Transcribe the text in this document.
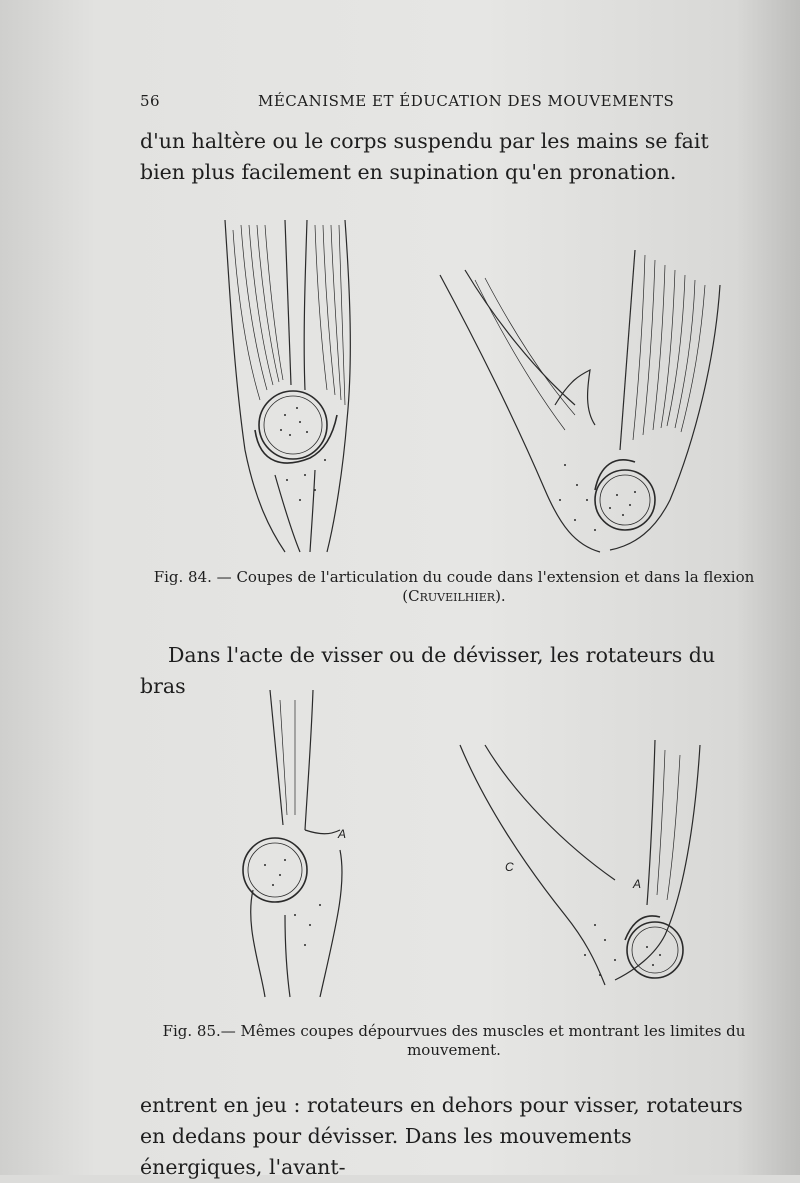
56	MÉCANISME ET ÉDUCATION DES MOUVEMENTS

d'un haltère ou le corps suspendu par les mains se fait bien plus facilement en supination qu'en pronation.

Fig. 84. — Coupes de l'articulation du coude dans l'extension et dans la flexion (Cruveilhier).

Dans l'acte de visser ou de dévisser, les rotateurs du bras

A
C
A

Fig. 85.— Mêmes coupes dépourvues des muscles et montrant les limites du mouvement.

entrent en jeu : rotateurs en dehors pour visser, rotateurs en dedans pour dévisser. Dans les mouvements énergiques, l'avant-
